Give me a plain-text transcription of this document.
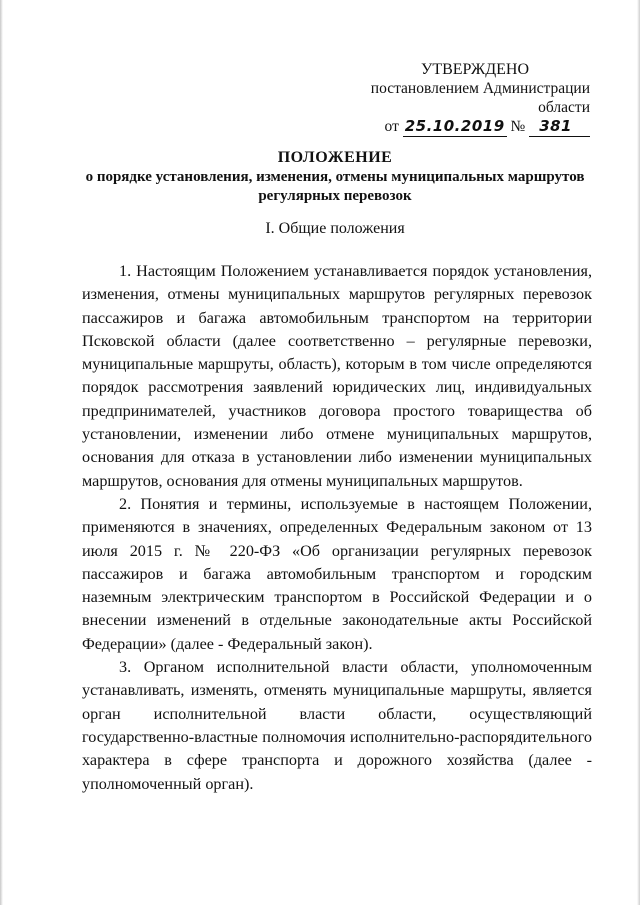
УТВЕРЖДЕНО
постановлением Администрации области
от 25.10.2019 № 381
ПОЛОЖЕНИЕ
о порядке установления, изменения, отмены муниципальных маршрутов
регулярных перевозок
I. Общие положения

1. Настоящим Положением устанавливается порядок установления, изменения, отмены муниципальных маршрутов регулярных перевозок пассажиров и багажа автомобильным транспортом на территории Псковской области (далее соответственно – регулярные перевозки, муниципальные маршруты, область), которым в том числе определяются порядок рассмотрения заявлений юридических лиц, индивидуальных предпринимателей, участников договора простого товарищества об установлении, изменении либо отмене муниципальных маршрутов, основания для отказа в установлении либо изменении муниципальных маршрутов, основания для отмены муниципальных маршрутов.

2. Понятия и термины, используемые в настоящем Положении, применяются в значениях, определенных Федеральным законом от 13 июля 2015 г. № 220-ФЗ «Об организации регулярных перевозок пассажиров и багажа автомобильным транспортом и городским наземным электрическим транспортом в Российской Федерации и о внесении изменений в отдельные законодательные акты Российской Федерации» (далее - Федеральный закон).

3. Органом исполнительной власти области, уполномоченным устанавливать, изменять, отменять муниципальные маршруты, является орган исполнительной власти области, осуществляющий государственно-властные полномочия исполнительно-распорядительного характера в сфере транспорта и дорожного хозяйства (далее - уполномоченный орган).
